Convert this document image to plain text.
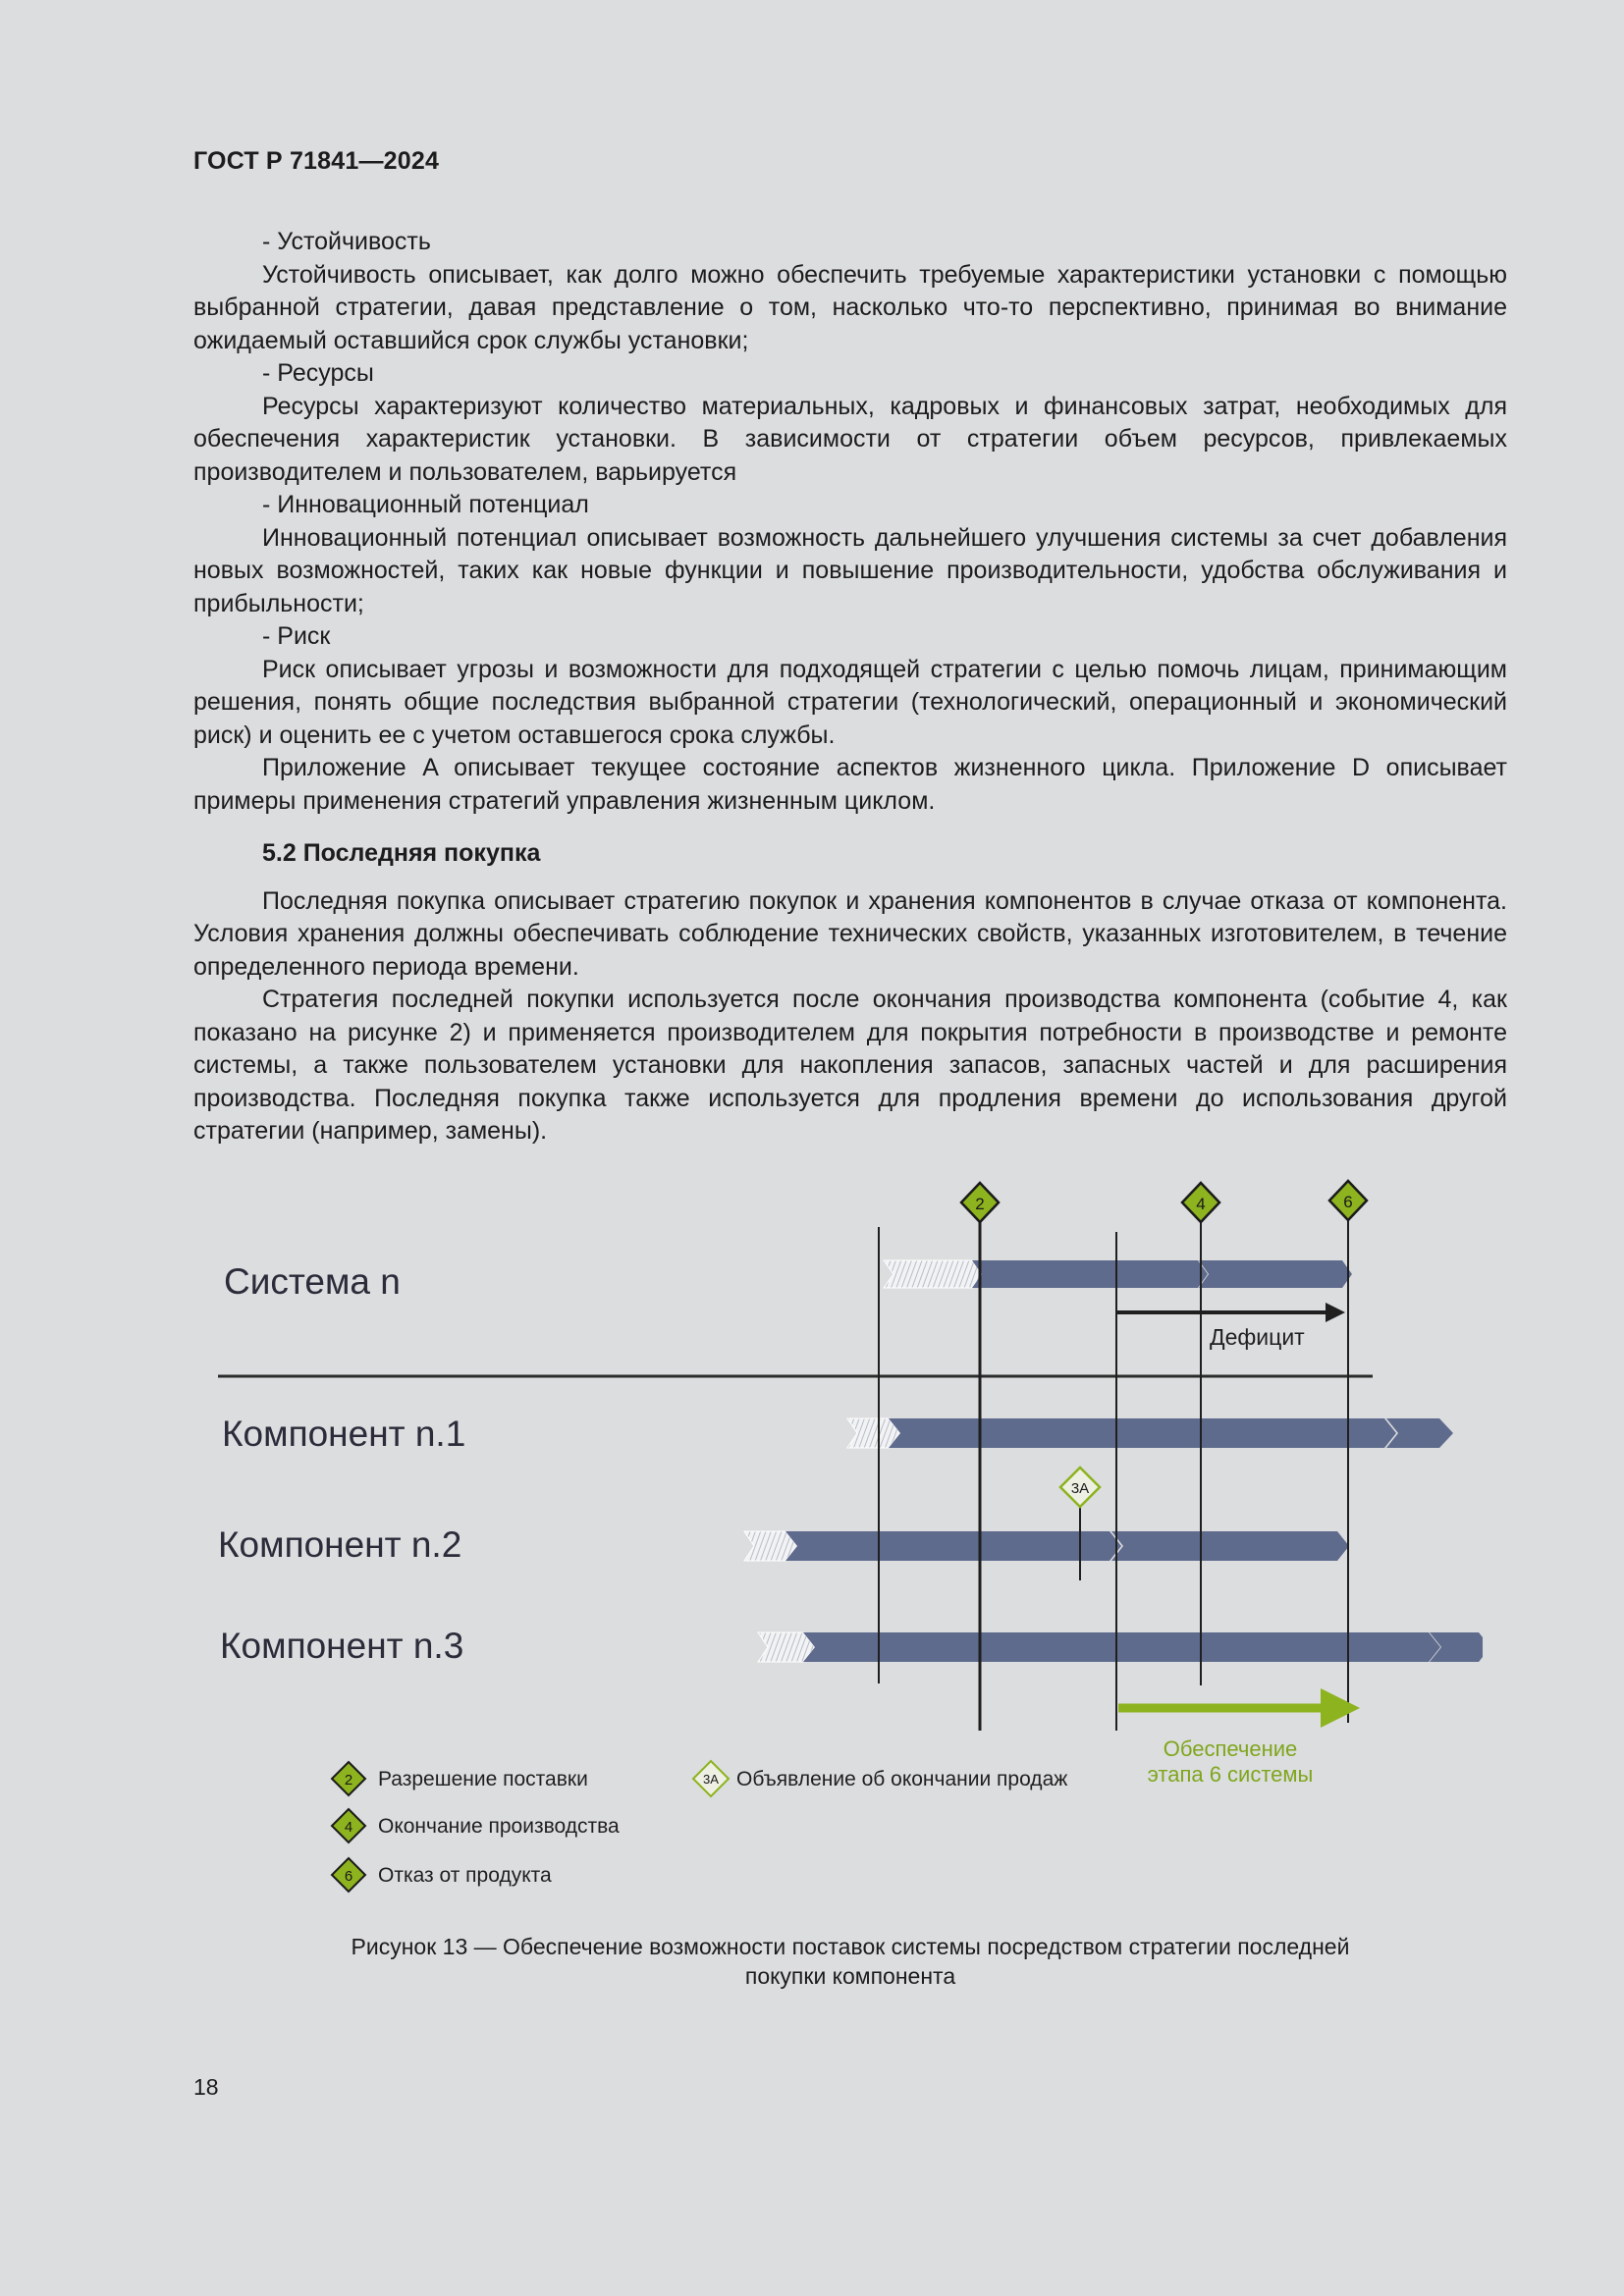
ГОСТ Р 71841—2024

- Устойчивость

Устойчивость описывает, как долго можно обеспечить требуемые характеристики установки с помощью выбранной стратегии, давая представление о том, насколько что-то перспективно, принимая во внимание ожидаемый оставшийся срок службы установки;

- Ресурсы

Ресурсы характеризуют количество материальных, кадровых и финансовых затрат, необходимых для обеспечения характеристик установки. В зависимости от стратегии объем ресурсов, привлекаемых производителем и пользователем, варьируется

- Инновационный потенциал

Инновационный потенциал описывает возможность дальнейшего улучшения системы за счет добавления новых возможностей, таких как новые функции и повышение производительности, удобства обслуживания и прибыльности;

- Риск

Риск описывает угрозы и возможности для подходящей стратегии с целью помочь лицам, принимающим решения, понять общие последствия выбранной стратегии (технологический, операционный и экономический риск) и оценить ее с учетом оставшегося срока службы.

Приложение A описывает текущее состояние аспектов жизненного цикла. Приложение D описывает примеры применения стратегий управления жизненным циклом.

5.2 Последняя покупка

Последняя покупка описывает стратегию покупок и хранения компонентов в случае отказа от компонента. Условия хранения должны обеспечивать соблюдение технических свойств, указанных изготовителем, в течение определенного периода времени.

Стратегия последней покупки используется после окончания производства компонента (событие 4, как показано на рисунке 2) и применяется производителем для покрытия потребности в производстве и ремонте системы, а также пользователем установки для накопления запасов, запасных частей и для расширения производства. Последняя покупка также используется для продления времени до использования другой стратегии (например, замены).

Дефицит
Обеспечение
этапа 6 системы
2	4	6
3A
Система n
Компонент n.1
Компонент n.2
Компонент n.3
2 Разрешение поставки
4 Окончание производства
6 Отказ от продукта
3A Объявление об окончании продаж
Рисунок 13 — Обеспечение возможности поставок системы посредством стратегии последней
покупки компонента
18
